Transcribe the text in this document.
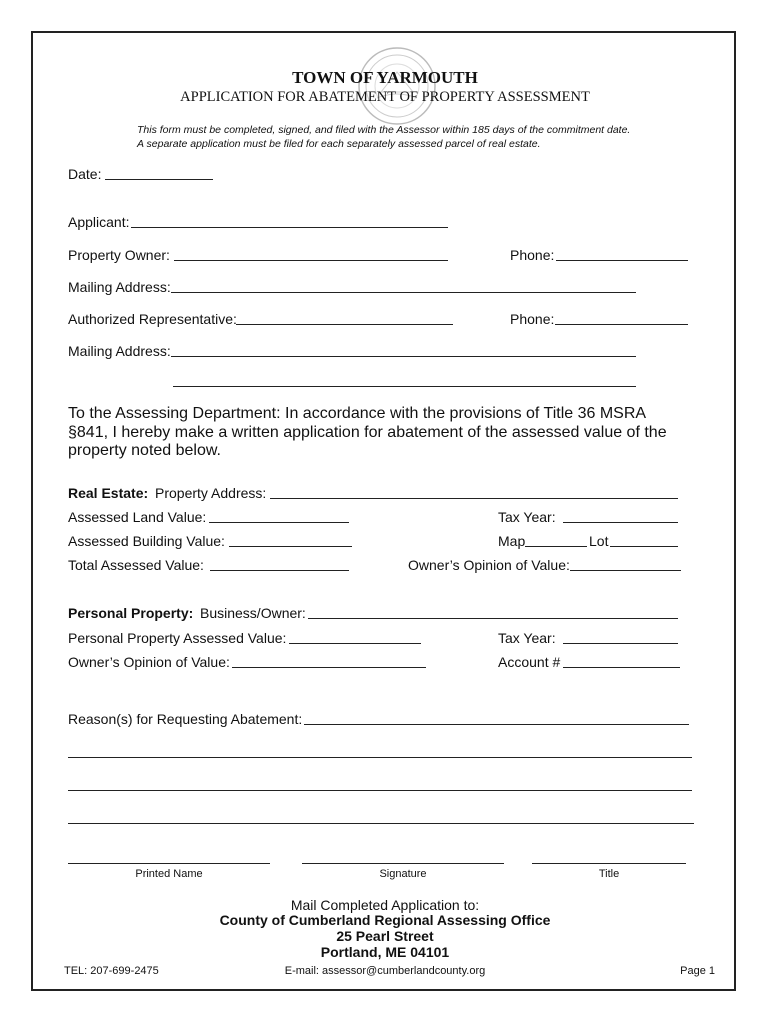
TOWN OF YARMOUTH
APPLICATION FOR ABATEMENT OF PROPERTY ASSESSMENT
This form must be completed, signed, and filed with the Assessor within 185 days of the commitment date.
A separate application must be filed for each separately assessed parcel of real estate.
Date:
Applicant:
Property Owner:	Phone:
Mailing Address:
Authorized Representative:	Phone:
Mailing Address:
To the Assessing Department: In accordance with the provisions of Title 36 MSRA
§841, I hereby make a written application for abatement of the assessed value of the
property noted below.
Real Estate: Property Address:
Assessed Land Value:	Tax Year:
Assessed Building Value:	Map	Lot
Total Assessed Value:	Owner’s Opinion of Value:
Personal Property: Business/Owner:
Personal Property Assessed Value:	Tax Year:
Owner’s Opinion of Value:	Account #
Reason(s) for Requesting Abatement:
Printed Name	Signature	Title
Mail Completed Application to:
County of Cumberland Regional Assessing Office
25 Pearl Street
Portland, ME 04101
TEL: 207-699-2475	E-mail: assessor@cumberlandcounty.org	Page 1
